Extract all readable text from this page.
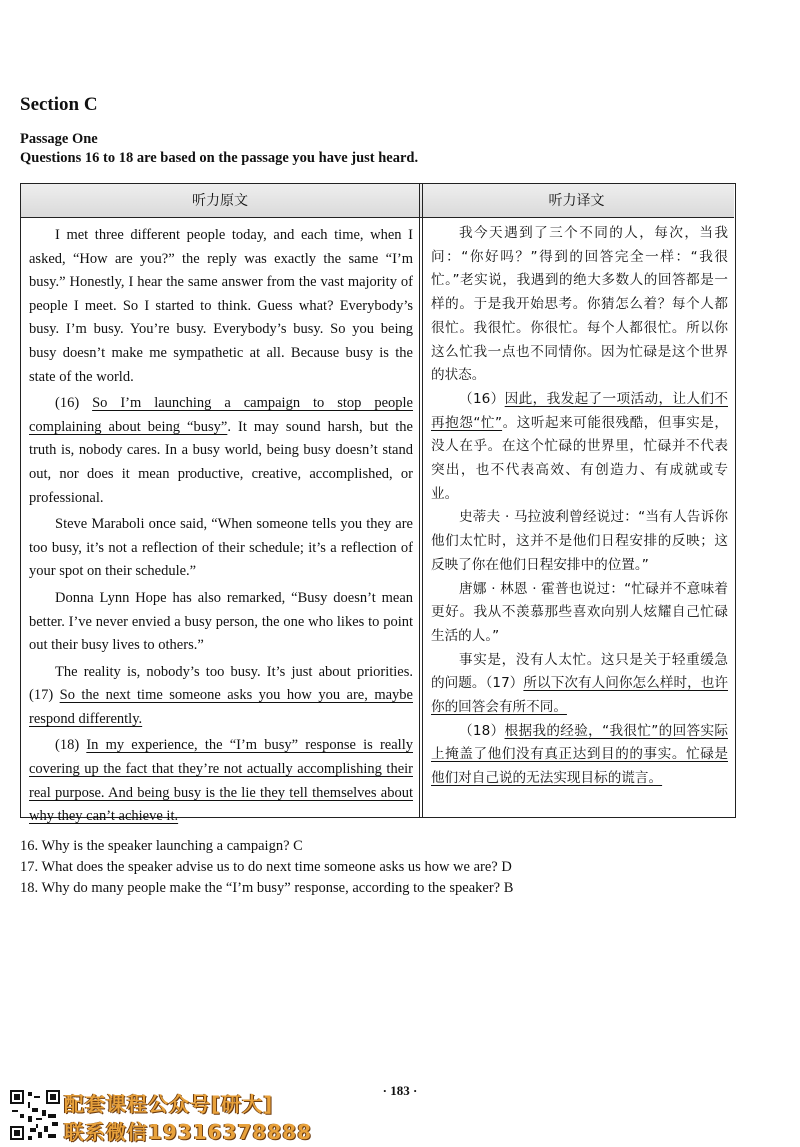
Section C
Passage One
Questions 16 to 18 are based on the passage you have just heard.
听力原文	听力译文

I met three different people today, and each time, when I asked, “How are you?” the reply was exactly the same “I’m busy.” Honestly, I hear the same answer from the vast majority of people I meet. So I started to think. Guess what? Everybody’s busy. I’m busy. You’re busy. Everybody’s busy. So you being busy doesn’t make me sympathetic at all. Because busy is the state of the world.

(16) So I’m launching a campaign to stop people complaining about being “busy”. It may sound harsh, but the truth is, nobody cares. In a busy world, being busy doesn’t stand out, nor does it mean productive, creative, accomplished, or professional.

Steve Maraboli once said, “When someone tells you they are too busy, it’s not a reflection of their schedule; it’s a reflection of your spot on their schedule.”

Donna Lynn Hope has also remarked, “Busy doesn’t mean better. I’ve never envied a busy person, the one who likes to point out their busy lives to others.”

The reality is, nobody’s too busy. It’s just about priorities. (17) So the next time someone asks you how you are, maybe respond differently.

(18) In my experience, the “I’m busy” response is really covering up the fact that they’re not actually accomplishing their real purpose. And being busy is the lie they tell themselves about why they can’t achieve it.

我今天遇到了三个不同的人，每次，当我问：“你好吗？”得到的回答完全一样：“我很忙。”老实说，我遇到的绝大多数人的回答都是一样的。于是我开始思考。你猜怎么着？每个人都很忙。我很忙。你很忙。每个人都很忙。所以你这么忙我一点也不同情你。因为忙碌是这个世界的状态。

（16）因此，我发起了一项活动，让人们不再抱怨“忙”。这听起来可能很残酷，但事实是，没人在乎。在这个忙碌的世界里，忙碌并不代表突出，也不代表高效、有创造力、有成就或专业。

史蒂夫 · 马拉波利曾经说过：“当有人告诉你他们太忙时，这并不是他们日程安排的反映；这反映了你在他们日程安排中的位置。”

唐娜 · 林恩 · 霍普也说过：“忙碌并不意味着更好。我从不羡慕那些喜欢向别人炫耀自己忙碌生活的人。”

事实是，没有人太忙。这只是关于轻重缓急的问题。（17）所以下次有人问你怎么样时，也许你的回答会有所不同。

（18）根据我的经验，“我很忙”的回答实际上掩盖了他们没有真正达到目的的事实。忙碌是他们对自己说的无法实现目标的谎言。

16. Why is the speaker launching a campaign? C
17. What does the speaker advise us to do next time someone asks us how we are? D
18. Why do many people make the “I’m busy” response, according to the speaker? B
· 183 ·
配套课程公众号[研大]
联系微信19316378888
